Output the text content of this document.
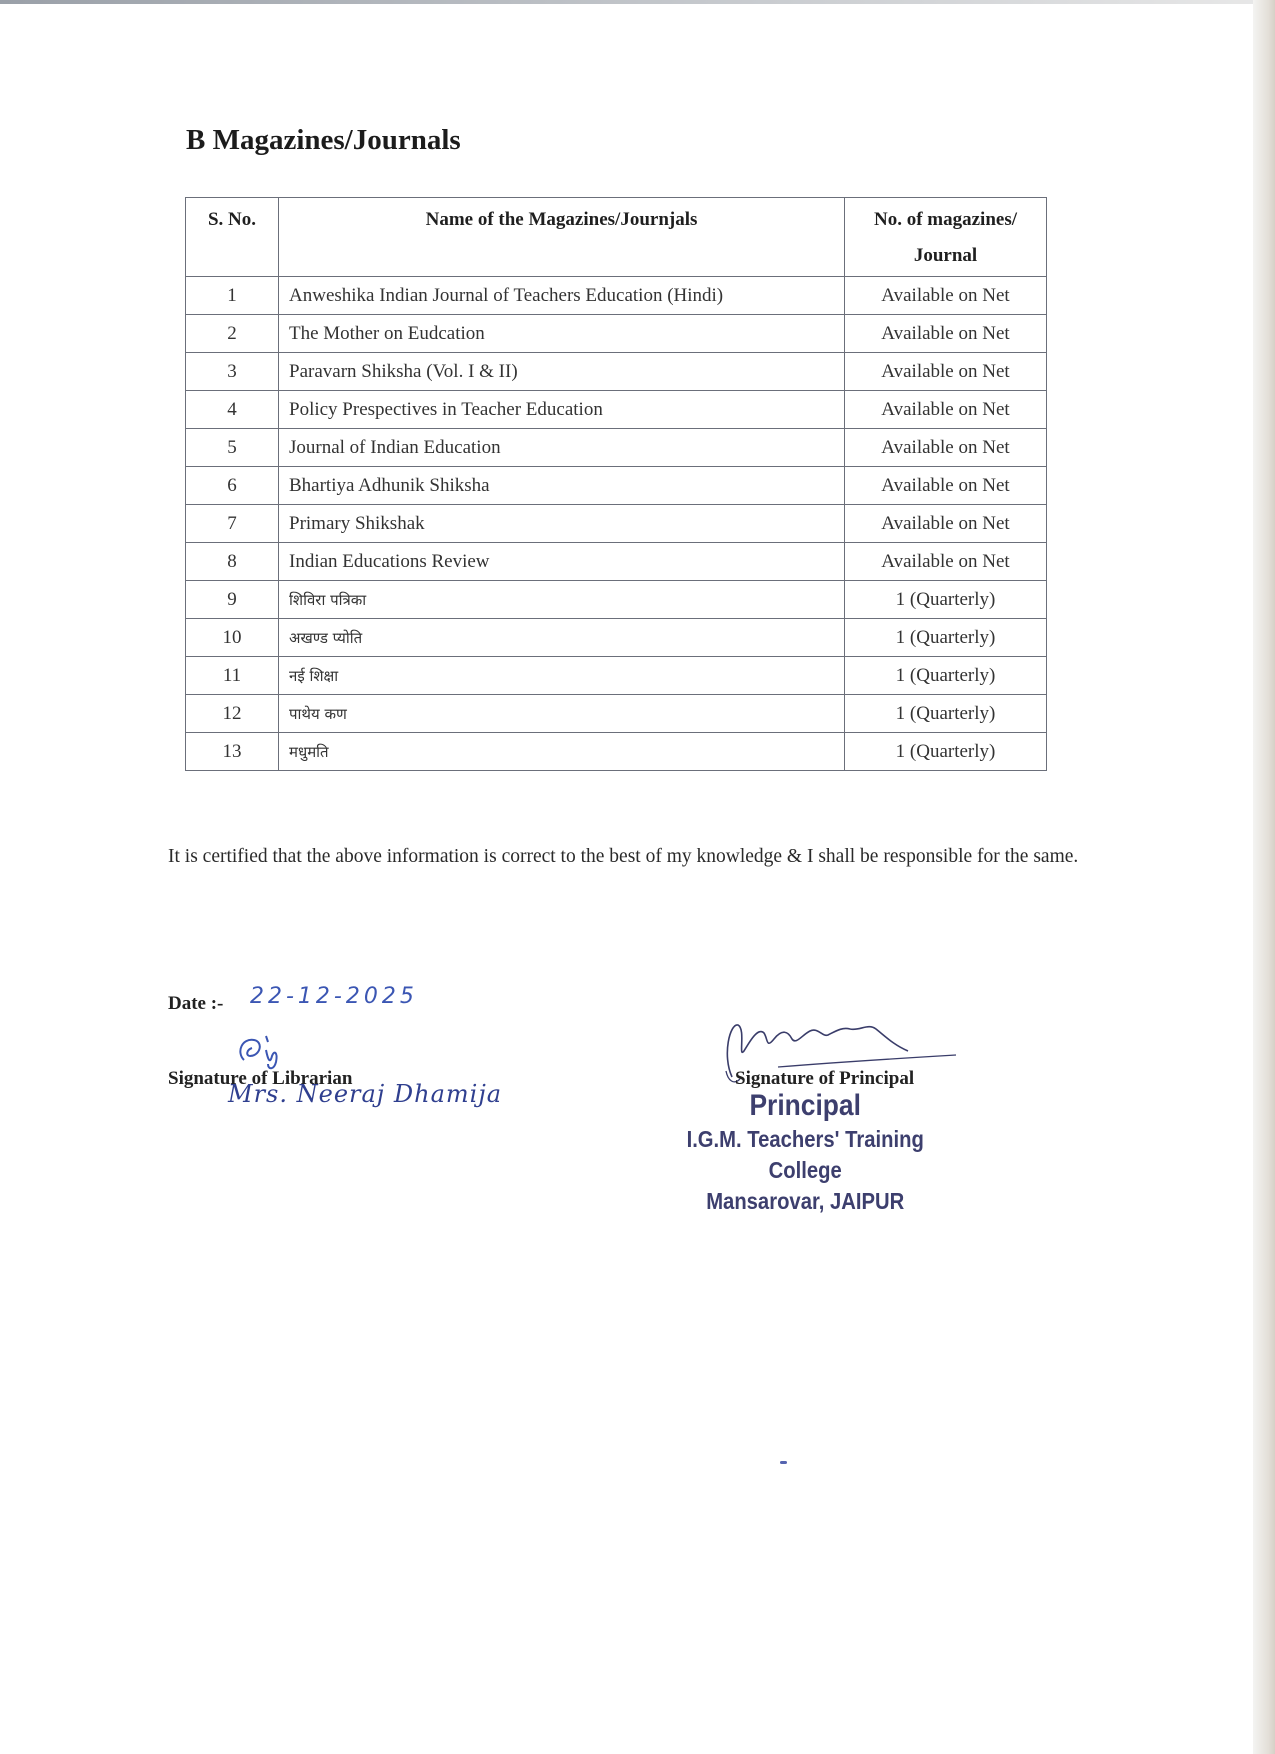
B Magazines/Journals
S. No.	Name of the Magazines/Journjals	No. of magazines/
Journal
1	Anweshika Indian Journal of Teachers Education (Hindi)	Available on Net
2	The Mother on Eudcation	Available on Net
3	Paravarn Shiksha (Vol. I & II)	Available on Net
4	Policy Prespectives in Teacher Education	Available on Net
5	Journal of Indian Education	Available on Net
6	Bhartiya Adhunik Shiksha	Available on Net
7	Primary Shikshak	Available on Net
8	Indian Educations Review	Available on Net
9	शिविरा पत्रिका	1 (Quarterly)
10	अखण्ड प्योति	1 (Quarterly)
11	नई शिक्षा	1 (Quarterly)
12	पाथेय कण	1 (Quarterly)
13	मधुमति	1 (Quarterly)

It is certified that the above information is correct to the best of my knowledge & I shall be responsible for the same.

Date :- 22-12-2025
Signature of Librarian
Mrs. Neeraj Dhamija
Signature of Principal
Principal
I.G.M. Teachers' Training College
Mansarovar, JAIPUR
